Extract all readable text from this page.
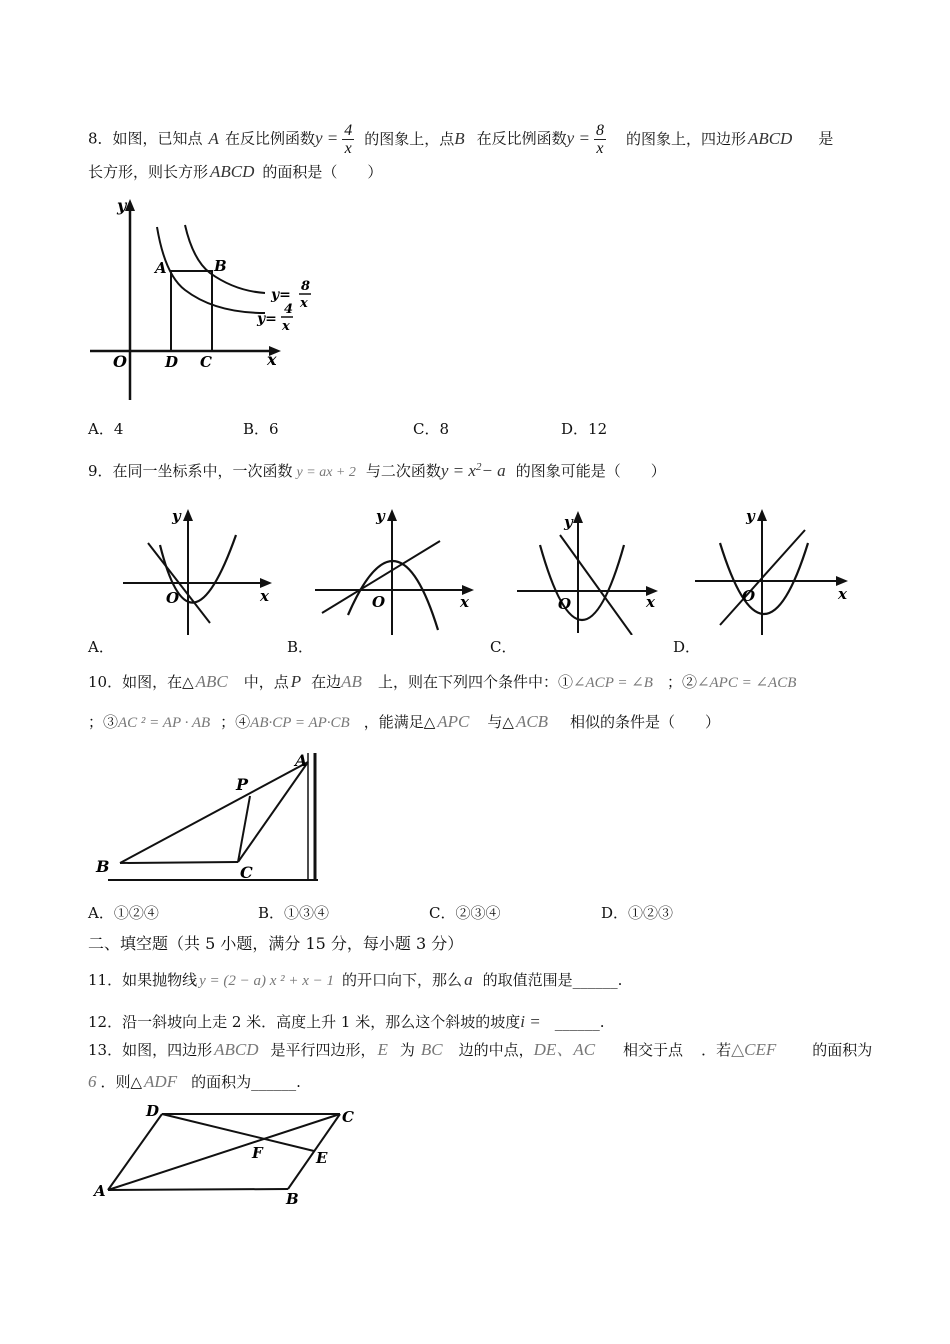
8．如图，已知点 A 在反比例函数$y = \frac{4}{x}$ 的图象上，点B 在反比例函数$y = \frac{8}{x}$ 的图象上，四边形 ABCD 是
长方形，则长方形 ABCD 的面积是（　　）
y
x
O
A	B
D C
y=
8
x
y=
4
x
A．4	B．6	C．8	D．12
9．在同一坐标系中，一次函数 y = ax + 2 与二次函数$y = x^2- a$ 的图象可能是（　　）
y
x
O
y
x
O
y
x
O
y
x
O
A．	B．	C．	D．
10．如图，在△ ABC 中，点 P 在边AB 上，则在下列四个条件中：①∠ACP = ∠B ；②∠APC = ∠ACB
；③AC ² = AP · AB ；④AB·CP = AP·CB ，能满足△ APC 与△ ACB 相似的条件是（　　）
A
P
B	C
A．①②④	B．①③④	C．②③④	D．①②③
二、填空题（共 5 小题，满分 15 分，每小题 3 分）
11．如果抛物线 y = (2 − a) x ² + x − 1 的开口向下，那么 a 的取值范围是______.
12．沿一斜坡向上走 2 米．高度上升 1 米，那么这个斜坡的坡度i = ______.
13．如图，四边形 ABCD 是平行四边形， E 为 BC 边的中点，DE、AC 相交于点 ．若△CEF 的面积为
6 ．则△ ADF 的面积为______.
D	C
F	E
A	B
